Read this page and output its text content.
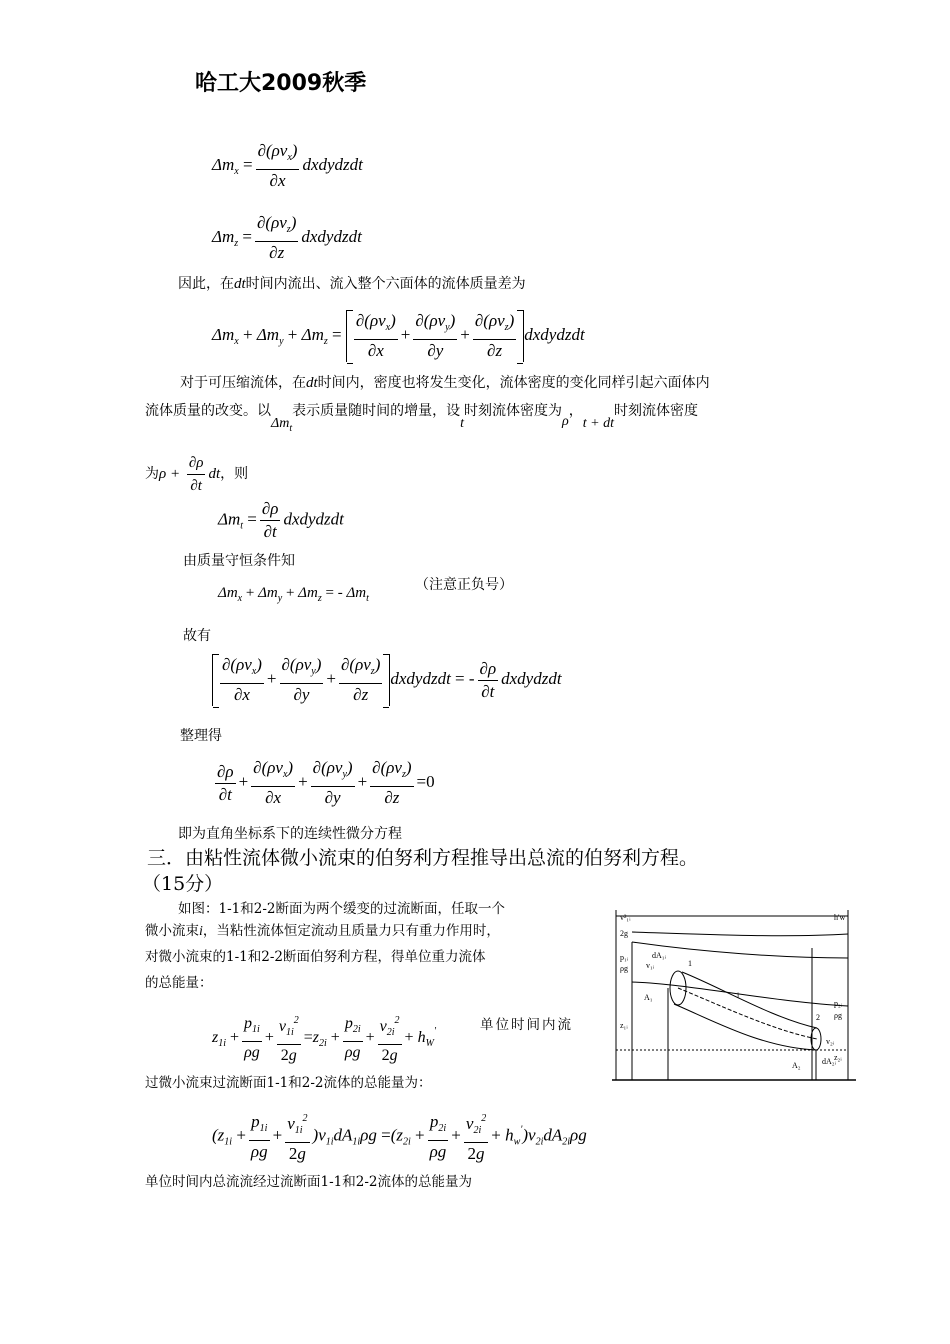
哈工大2009秋季
$\Delta m_x = \frac{\partial(\rho v_x)}{\partial x}$ dxdydzdt
$\Delta m_z = \frac{\partial(\rho v_z)}{\partial z}$ dxdydzdt
因此，在dt时间内流出、流入整个六面体的流体质量差为
$\Delta m_x + \Delta m_y + \Delta m_z = \frac{\partial(\rho v_x)}{\partial x} + \frac{\partial(\rho v_y)}{\partial y} + \frac{\partial(\rho v_z)}{\partial z}$ dxdydzdt
对于可压缩流体，在dt时间内，密度也将发生变化，流体密度的变化同样引起六面体内
流体质量的改变。以$\Delta m_t$表示质量随时间的增量，设t时刻流体密度为ρ，t + dt时刻流体密度
为$\rho + \frac{\partial\rho}{\partial t}$ dt，则
$\Delta m_t = \frac{\partial\rho}{\partial t}$ dxdydzdt
由质量守恒条件知
$\Delta m_x + \Delta m_y + \Delta m_z$ = - $\Delta m_t$
（注意正负号）
故有
$\frac{\partial(\rho v_x)}{\partial x} + \frac{\partial(\rho v_y)}{\partial y} + \frac{\partial(\rho v_z)}{\partial z}$ dxdydzdt = - $\frac{\partial\rho}{\partial t}$ dxdydzdt
整理得
$\frac{\partial\rho}{\partial t} + \frac{\partial(\rho v_x)}{\partial x} + \frac{\partial(\rho v_y)}{\partial y} + \frac{\partial(\rho v_z)}{\partial z} =0$
即为直角坐标系下的连续性微分方程
三．由粘性流体微小流束的伯努利方程推导出总流的伯努利方程。
（15分）
如图：1-1和2-2断面为两个缓变的过流断面，任取一个
微小流束i，当粘性流体恒定流动且质量力只有重力作用时，
对微小流束的1-1和2-2断面伯努利方程，得单位重力流体
的总能量：
$z_{1i} + \frac{p_{1i}}{\rho g} + \frac{v_{1i}^2}{2g} =z_{2i} + \frac{p_{2i}}{\rho g} + \frac{v_{2i}^2}{2g} + h_W'$	单位时间内流
过微小流束过流断面1-1和2-2流体的总能量为：
$(z_{1i} + \frac{p_{1i}}{\rho g} + \frac{v_{1i}^2}{2g} )v_{1i}dA_{1i}\rho g =(z_{2i} + \frac{p_{2i}}{\rho g} + \frac{v_{2i}^2}{2g} + h_w')v_{2i}dA_{2i}\rho g$
单位时间内总流流经过流断面1-1和2-2流体的总能量为
v²₁ᵢ
2g
h'w
p₁ᵢ
ρg
dA₁ᵢ
v₁ᵢ	1
A₁	i
z₁ᵢ
2
p₂ᵢ
ρg
v₂ᵢ
dA₂ᵢ
A₂
z₂ᵢ
